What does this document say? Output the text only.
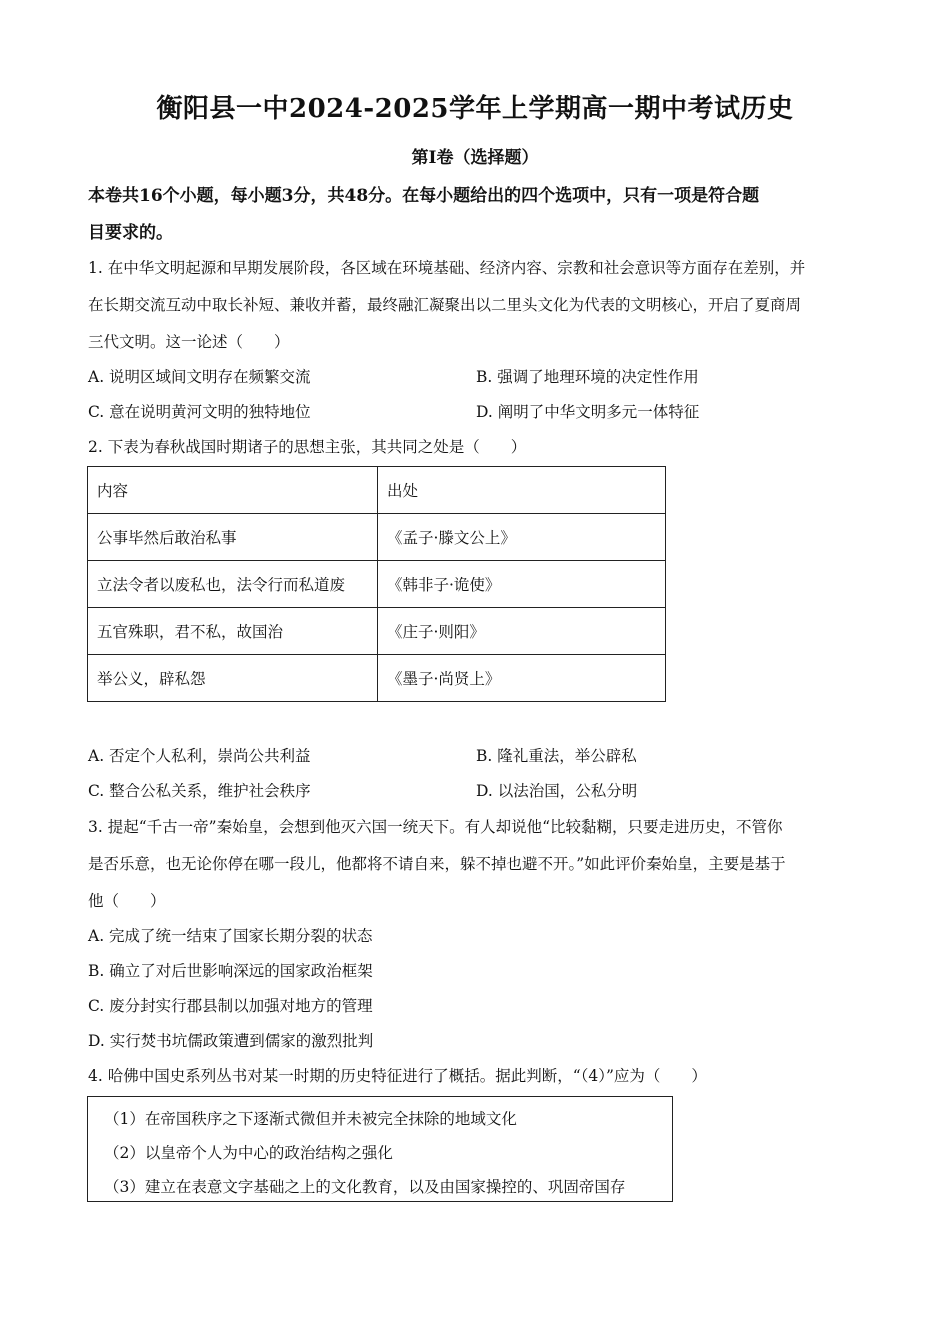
衡阳县一中2024-2025学年上学期高一期中考试历史
第Ⅰ卷（选择题）
本卷共16个小题，每小题3分，共48分。在每小题给出的四个选项中，只有一项是符合题
目要求的。
1. 在中华文明起源和早期发展阶段，各区域在环境基础、经济内容、宗教和社会意识等方面存在差别，并
在长期交流互动中取长补短、兼收并蓄，最终融汇凝聚出以二里头文化为代表的文明核心，开启了夏商周
三代文明。这一论述（　　）
A. 说明区域间文明存在频繁交流	B. 强调了地理环境的决定性作用
C. 意在说明黄河文明的独特地位	D. 阐明了中华文明多元一体特征
2. 下表为春秋战国时期诸子的思想主张，其共同之处是（　　）
内容	出处
公事毕然后敢治私事	《孟子·滕文公上》
立法令者以废私也，法令行而私道废	《韩非子·诡使》
五官殊职，君不私，故国治	《庄子·则阳》
举公义，辟私怨	《墨子·尚贤上》
A. 否定个人私利，崇尚公共利益	B. 隆礼重法，举公辟私
C. 整合公私关系，维护社会秩序	D. 以法治国，公私分明
3. 提起“千古一帝”秦始皇，会想到他灭六国一统天下。有人却说他“比较黏糊，只要走进历史，不管你
是否乐意，也无论你停在哪一段儿，他都将不请自来，躲不掉也避不开。”如此评价秦始皇，主要是基于
他（　　）
A. 完成了统一结束了国家长期分裂的状态
B. 确立了对后世影响深远的国家政治框架
C. 废分封实行郡县制以加强对地方的管理
D. 实行焚书坑儒政策遭到儒家的激烈批判
4. 哈佛中国史系列丛书对某一时期的历史特征进行了概括。据此判断，“（4）”应为（　　）
（1）在帝国秩序之下逐渐式微但并未被完全抹除的地域文化
（2）以皇帝个人为中心的政治结构之强化
（3）建立在表意文字基础之上的文化教育，以及由国家操控的、巩固帝国存
